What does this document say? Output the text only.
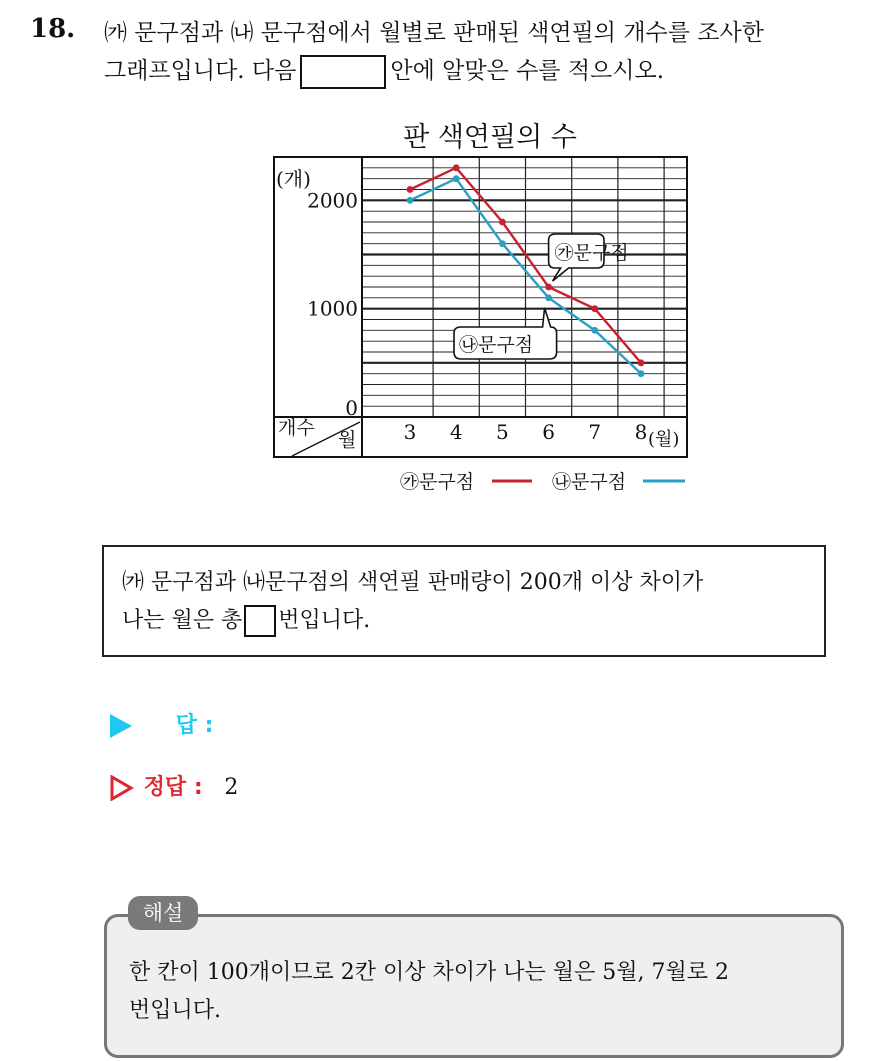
18. ㈎ 문구점과 ㈏ 문구점에서 월별로 판매된 색연필의 개수를 조사한
그래프입니다. 다음	안에 알맞은 수를 적으시오.
판 색연필의 수
(개)
0
1000
2000
3 4 5 6 7 8 (월)
개수
월
㉮문구점
㉯문구점
㉮문구점	㉯문구점
㈎ 문구점과 ㈏문구점의 색연필 판매량이 200개 이상 차이가
나는 월은 총 번입니다.
답 :
정답 : 2
한 칸이 100개이므로 2칸 이상 차이가 나는 월은 5월, 7월로 2
번입니다.
해설
